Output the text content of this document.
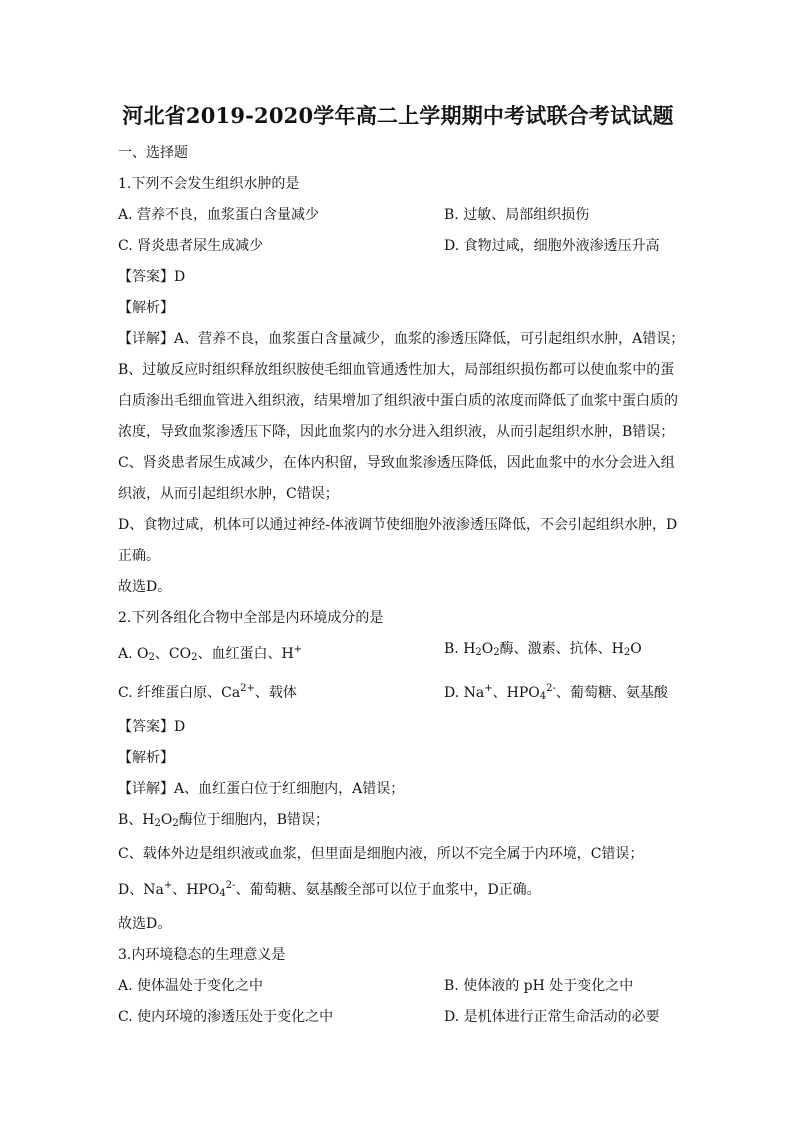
河北省2019-2020学年高二上学期期中考试联合考试试题
一、选择题
1.下列不会发生组织水肿的是
A. 营养不良，血浆蛋白含量减少	B. 过敏、局部组织损伤
C. 肾炎患者尿生成减少	D. 食物过咸，细胞外液渗透压升高
【答案】D
【解析】
【详解】A、营养不良，血浆蛋白含量减少，血浆的渗透压降低，可引起组织水肿，A错误；
B、过敏反应时组织释放组织胺使毛细血管通透性加大，局部组织损伤都可以使血浆中的蛋
白质渗出毛细血管进入组织液，结果增加了组织液中蛋白质的浓度而降低了血浆中蛋白质的
浓度，导致血浆渗透压下降，因此血浆内的水分进入组织液，从而引起组织水肿，B错误；
C、肾炎患者尿生成减少，在体内积留，导致血浆渗透压降低，因此血浆中的水分会进入组
织液，从而引起组织水肿，C错误；
D、食物过咸，机体可以通过神经-体液调节使细胞外液渗透压降低，不会引起组织水肿，D
正确。
故选D。
2.下列各组化合物中全部是内环境成分的是
A. O2、CO2、血红蛋白、H+	B. H2O2酶、激素、抗体、H2O
C. 纤维蛋白原、$Ca^{2+}$、载体	D. Na+、$HPO4^{2-}$、葡萄糖、氨基酸
【答案】D
【解析】
【详解】A、血红蛋白位于红细胞内，A错误；
B、H2O2酶位于细胞内，B错误；
C、载体外边是组织液或血浆，但里面是细胞内液，所以不完全属于内环境，C错误；
D、Na+、$HPO4^{2-}$、葡萄糖、氨基酸全部可以位于血浆中，D正确。
故选D。
3.内环境稳态的生理意义是
A. 使体温处于变化之中	B. 使体液的 pH 处于变化之中
C. 使内环境的渗透压处于变化之中	D. 是机体进行正常生命活动的必要
